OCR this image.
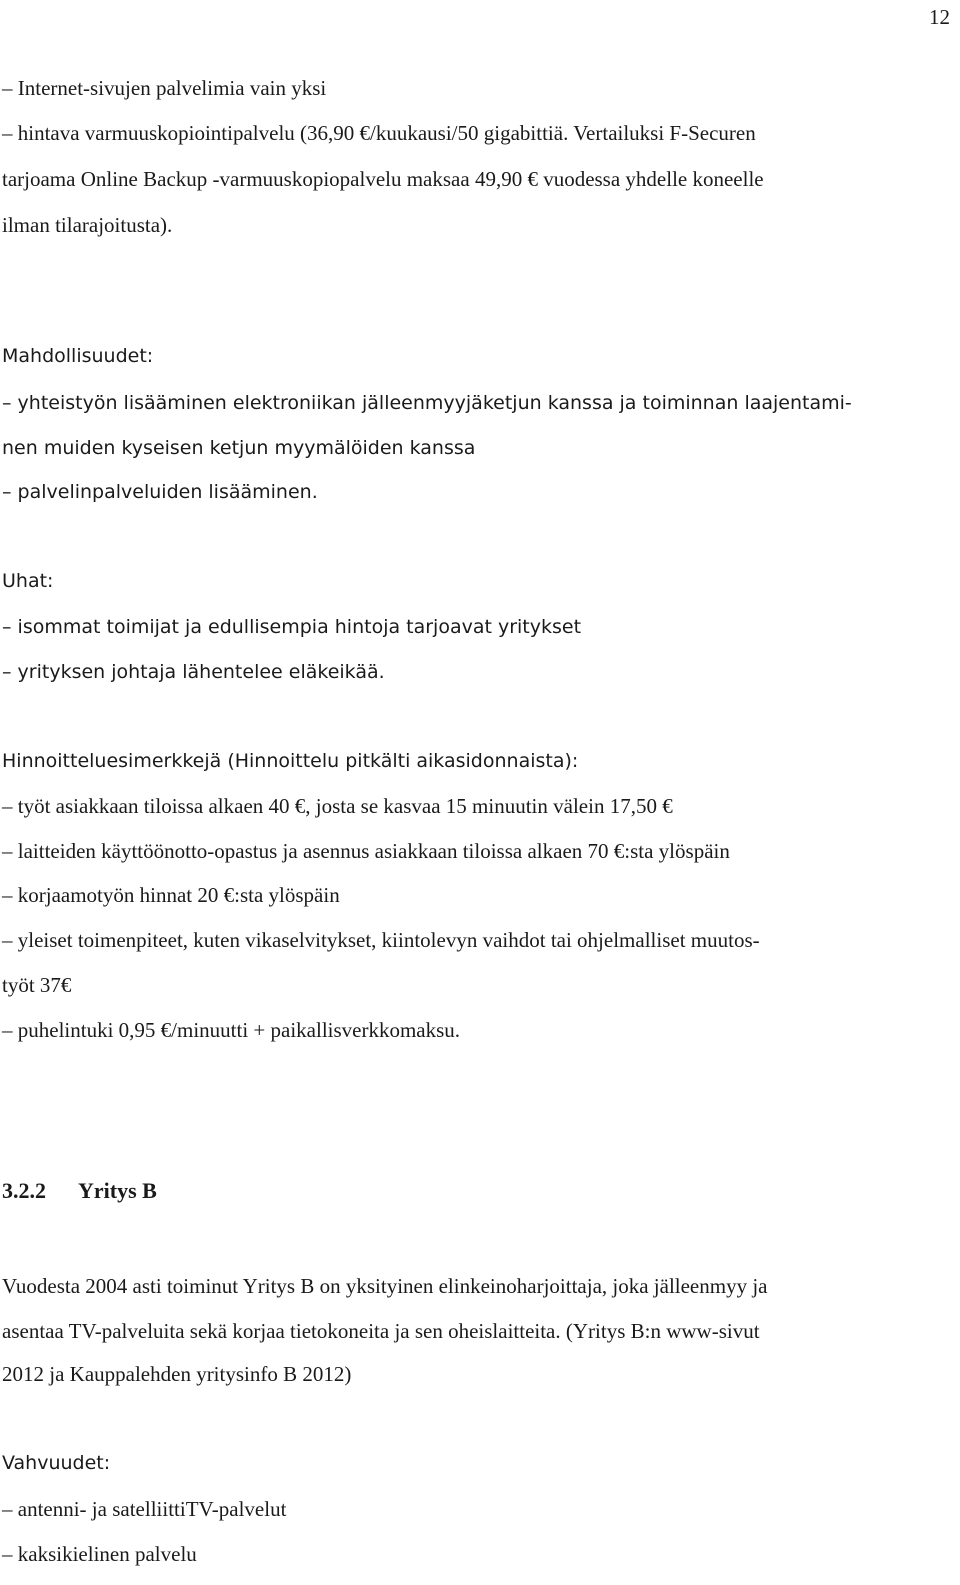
12
– Internet-sivujen palvelimia vain yksi
– hintava varmuuskopiointipalvelu (36,90 €/kuukausi/50 gigabittiä. Vertailuksi F-Securen
tarjoama Online Backup -varmuuskopiopalvelu maksaa 49,90 € vuodessa yhdelle koneelle
ilman tilarajoitusta).
Mahdollisuudet:
– yhteistyön lisääminen elektroniikan jälleenmyyjäketjun kanssa ja toiminnan laajentami-
nen muiden kyseisen ketjun myymälöiden kanssa
– palvelinpalveluiden lisääminen.
Uhat:
– isommat toimijat ja edullisempia hintoja tarjoavat yritykset
– yrityksen johtaja lähentelee eläkeikää.
Hinnoitteluesimerkkejä (Hinnoittelu pitkälti aikasidonnaista):
– työt asiakkaan tiloissa alkaen 40 €, josta se kasvaa 15 minuutin välein 17,50 €
– laitteiden käyttöönotto-opastus ja asennus asiakkaan tiloissa alkaen 70 €:sta ylöspäin
– korjaamotyön hinnat 20 €:sta ylöspäin
– yleiset toimenpiteet, kuten vikaselvitykset, kiintolevyn vaihdot tai ohjelmalliset muutos-
työt 37€
– puhelintuki 0,95 €/minuutti + paikallisverkkomaksu.
3.2.2 Yritys B
Vuodesta 2004 asti toiminut Yritys B on yksityinen elinkeinoharjoittaja, joka jälleenmyy ja
asentaa TV-palveluita sekä korjaa tietokoneita ja sen oheislaitteita. (Yritys B:n www-sivut
2012 ja Kauppalehden yritysinfo B 2012)
Vahvuudet:
– antenni- ja satelliittiTV-palvelut
– kaksikielinen palvelu
